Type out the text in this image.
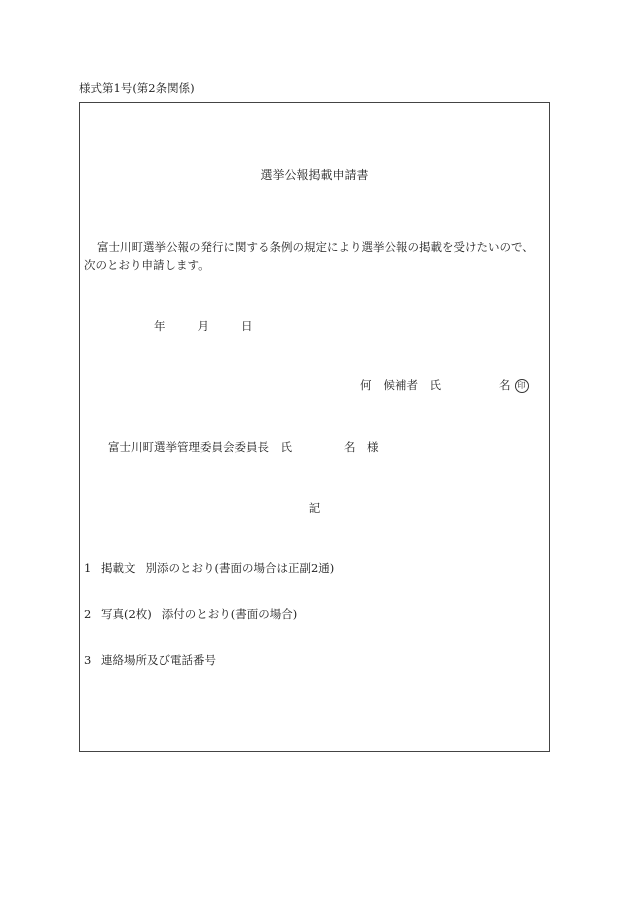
様式第1号(第2条関係)
選挙公報掲載申請書
富士川町選挙公報の発行に関する条例の規定により選挙公報の掲載を受けたいので、次のとおり申請します。
年	月	日
何 候補者　氏	名 印
富士川町選挙管理委員会委員長　氏	名　様
記
1 掲載文 別添のとおり(書面の場合は正副2通)
2 写真(2枚) 添付のとおり(書面の場合)
3 連絡場所及び電話番号
